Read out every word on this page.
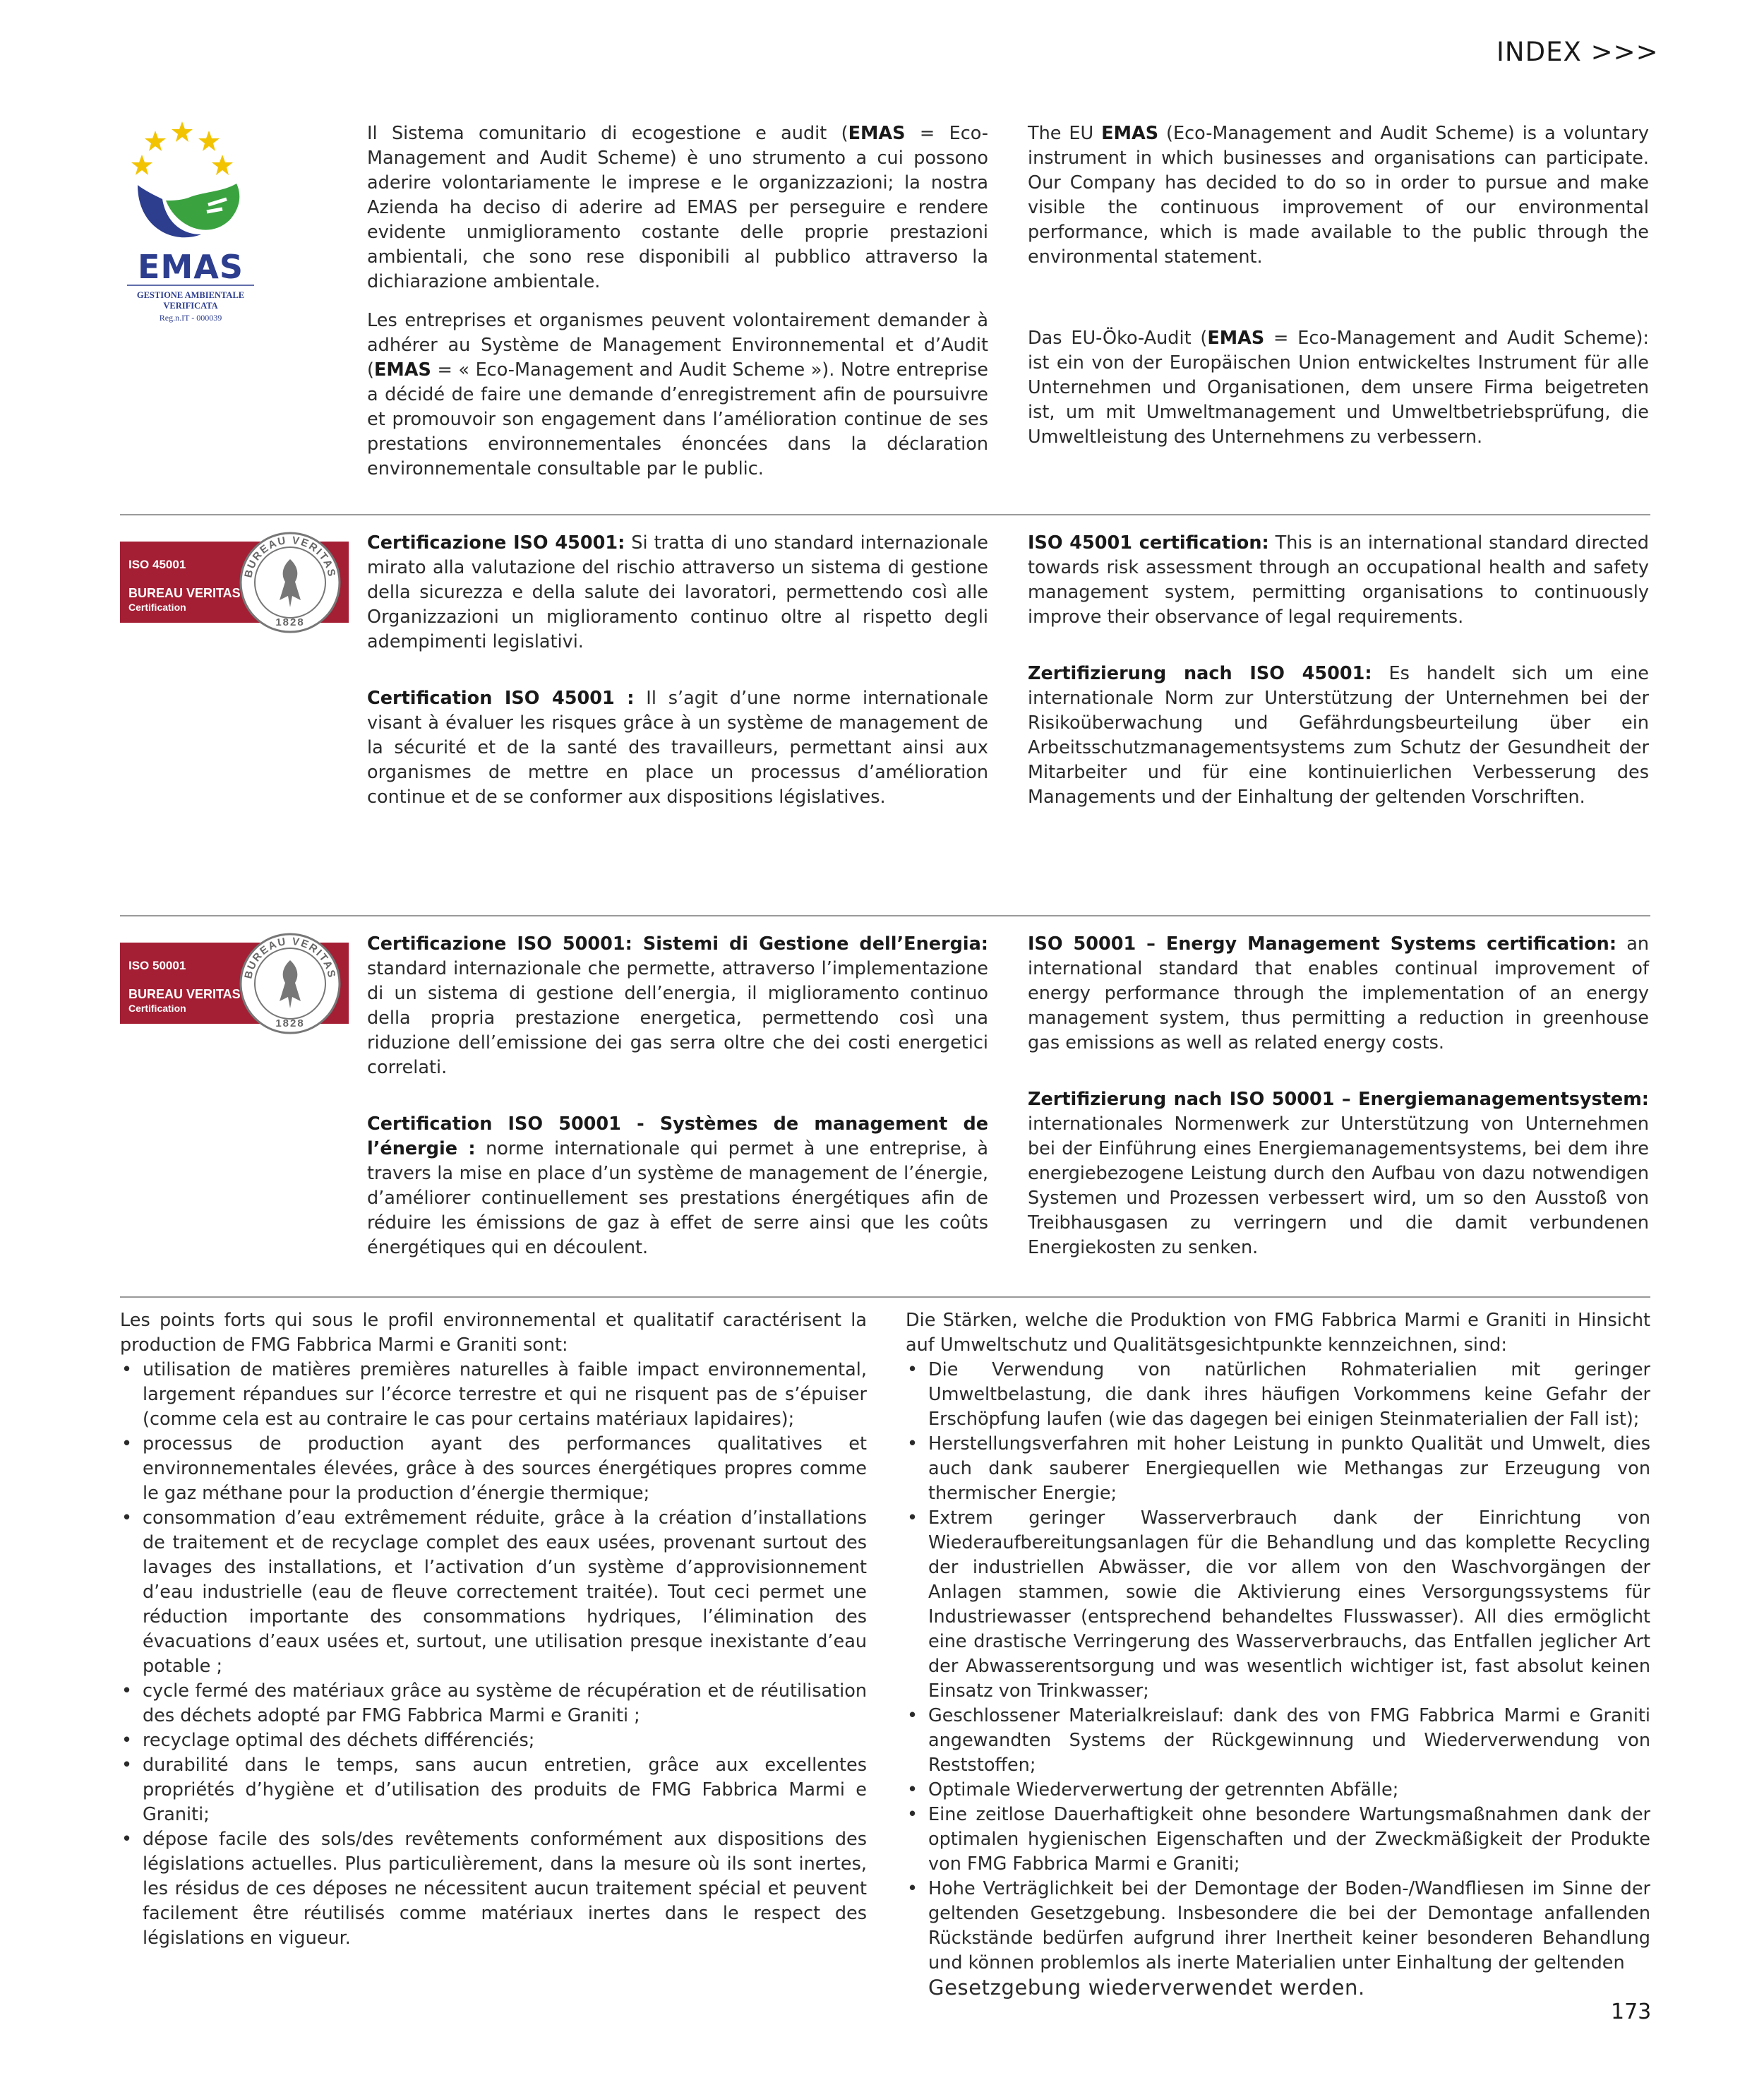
INDEX >>>
173
EMAS
GESTIONE AMBIENTALE
VERIFICATA
Reg.n.IT - 000039

Il Sistema comunitario di ecogestione e audit (EMAS = Eco-Management and Audit Scheme) è uno strumento a cui possono aderire volontariamente le imprese e le organizzazioni; la nostra Azienda ha deciso di aderire ad EMAS per perseguire e rendere evidente unmiglioramento costante delle proprie prestazioni ambientali, che sono rese disponibili al pubblico attraverso la dichiarazione ambientale.

Les entreprises et organismes peuvent volontairement demander à adhérer au Système de Management Environnemental et d’Audit (EMAS = « Eco-Management and Audit Scheme »). Notre entreprise a décidé de faire une demande d’enregistrement afin de poursuivre et promouvoir son engagement dans l’amélioration continue de ses prestations environnementales énoncées dans la déclaration environnementale consultable par le public.

The EU EMAS (Eco-Management and Audit Scheme) is a voluntary instrument in which businesses and organisations can participate. Our Company has decided to do so in order to pursue and make visible the continuous improvement of our environmental performance, which is made available to the public through the environmental statement.

Das EU-Öko-Audit (EMAS = Eco-Management and Audit Scheme): ist ein von der Europäischen Union entwickeltes Instrument für alle Unternehmen und Organisationen, dem unsere Firma beigetreten ist, um mit Umweltmanagement und Umweltbetriebsprüfung, die Umweltleistung des Unternehmens zu verbessern.

ISO 45001
BUREAU VERITAS
Certification
BUREAU VERITAS
1828

Certificazione ISO 45001: Si tratta di uno standard internazionale mirato alla valutazione del rischio attraverso un sistema di gestione della sicurezza e della salute dei lavoratori, permettendo così alle Organizzazioni un miglioramento continuo oltre al rispetto degli adempimenti legislativi.

Certification ISO 45001 : Il s’agit d’une norme internationale visant à évaluer les risques grâce à un système de management de la sécurité et de la santé des travailleurs, permettant ainsi aux organismes de mettre en place un processus d’amélioration continue et de se conformer aux dispositions législatives.

ISO 45001 certification: This is an international standard directed towards risk assessment through an occupational health and safety management system, permitting organisations to continuously improve their observance of legal requirements.

Zertifizierung nach ISO 45001: Es handelt sich um eine internationale Norm zur Unterstützung der Unternehmen bei der Risikoüberwachung und Gefährdungsbeurteilung über ein Arbeitsschutzmanagementsystems zum Schutz der Gesundheit der Mitarbeiter und für eine kontinuierlichen Verbesserung des Managements und der Einhaltung der geltenden Vorschriften.

ISO 50001
BUREAU VERITAS
Certification
BUREAU VERITAS
1828

Certificazione ISO 50001: Sistemi di Gestione dell’Energia: standard internazionale che permette, attraverso l’implementazione di un sistema di gestione dell’energia, il miglioramento continuo della propria prestazione energetica, permettendo così una riduzione dell’emissione dei gas serra oltre che dei costi energetici correlati.

Certification ISO 50001 - Systèmes de management de l’énergie : norme internationale qui permet à une entreprise, à travers la mise en place d’un système de management de l’énergie, d’améliorer continuellement ses prestations énergétiques afin de réduire les émissions de gaz à effet de serre ainsi que les coûts énergétiques qui en découlent.

ISO 50001 – Energy Management Systems certification: an international standard that enables continual improvement of energy performance through the implementation of an energy management system, thus permitting a reduction in greenhouse gas emissions as well as related energy costs.

Zertifizierung nach ISO 50001 – Energiemanagementsystem: internationales Normenwerk zur Unterstützung von Unternehmen bei der Einführung eines Energiemanagementsystems, bei dem ihre energiebezogene Leistung durch den Aufbau von dazu notwendigen Systemen und Prozessen verbessert wird, um so den Ausstoß von Treibhausgasen zu verringern und die damit verbundenen Energiekosten zu senken.

Les points forts qui sous le profil environnemental et qualitatif caractérisent la production de FMG Fabbrica Marmi e Graniti sont:

• utilisation de matières premières naturelles à faible impact environnemental, largement répandues sur l’écorce terrestre et qui ne risquent pas de s’épuiser (comme cela est au contraire le cas pour certains matériaux lapidaires);
• processus de production ayant des performances qualitatives et environnementales élevées, grâce à des sources énergétiques propres comme le gaz méthane pour la production d’énergie thermique;
• consommation d’eau extrêmement réduite, grâce à la création d’installations de traitement et de recyclage complet des eaux usées, provenant surtout des lavages des installations, et l’activation d’un système d’approvisionnement d’eau industrielle (eau de fleuve correctement traitée). Tout ceci permet une réduction importante des consommations hydriques, l’élimination des évacuations d’eaux usées et, surtout, une utilisation presque inexistante d’eau potable ;
• cycle fermé des matériaux grâce au système de récupération et de réutilisation des déchets adopté par FMG Fabbrica Marmi e Graniti ;
• recyclage optimal des déchets différenciés;
• durabilité dans le temps, sans aucun entretien, grâce aux excellentes propriétés d’hygiène et d’utilisation des produits de FMG Fabbrica Marmi e Graniti;
• dépose facile des sols/des revêtements conformément aux dispositions des législations actuelles. Plus particulièrement, dans la mesure où ils sont inertes, les résidus de ces déposes ne nécessitent aucun traitement spécial et peuvent facilement être réutilisés comme matériaux inertes dans le respect des législations en vigueur.

Die Stärken, welche die Produktion von FMG Fabbrica Marmi e Graniti in Hinsicht auf Umweltschutz und Qualitätsgesichtpunkte kennzeichnen, sind:

• Die Verwendung von natürlichen Rohmaterialien mit geringer Umweltbelastung, die dank ihres häufigen Vorkommens keine Gefahr der Erschöpfung laufen (wie das dagegen bei einigen Steinmaterialien der Fall ist);
• Herstellungsverfahren mit hoher Leistung in punkto Qualität und Umwelt, dies auch dank sauberer Energiequellen wie Methangas zur Erzeugung von thermischer Energie;
• Extrem geringer Wasserverbrauch dank der Einrichtung von Wiederaufbereitungsanlagen für die Behandlung und das komplette Recycling der industriellen Abwässer, die vor allem von den Waschvorgängen der Anlagen stammen, sowie die Aktivierung eines Versorgungssystems für Industriewasser (entsprechend behandeltes Flusswasser). All dies ermöglicht eine drastische Verringerung des Wasserverbrauchs, das Entfallen jeglicher Art der Abwasserentsorgung und was wesentlich wichtiger ist, fast absolut keinen Einsatz von Trinkwasser;
• Geschlossener Materialkreislauf: dank des von FMG Fabbrica Marmi e Graniti angewandten Systems der Rückgewinnung und Wiederverwendung von Reststoffen;
• Optimale Wiederverwertung der getrennten Abfälle;
• Eine zeitlose Dauerhaftigkeit ohne besondere Wartungsmaßnahmen dank der optimalen hygienischen Eigenschaften und der Zweckmäßigkeit der Produkte von FMG Fabbrica Marmi e Graniti;
• Hohe Verträglichkeit bei der Demontage der Boden-/Wandfliesen im Sinne der geltenden Gesetzgebung. Insbesondere die bei der Demontage anfallenden Rückstände bedürfen aufgrund ihrer Inertheit keiner besonderen Behandlung und können problemlos als inerte Materialien unter Einhaltung der geltenden
Gesetzgebung wiederverwendet werden.
